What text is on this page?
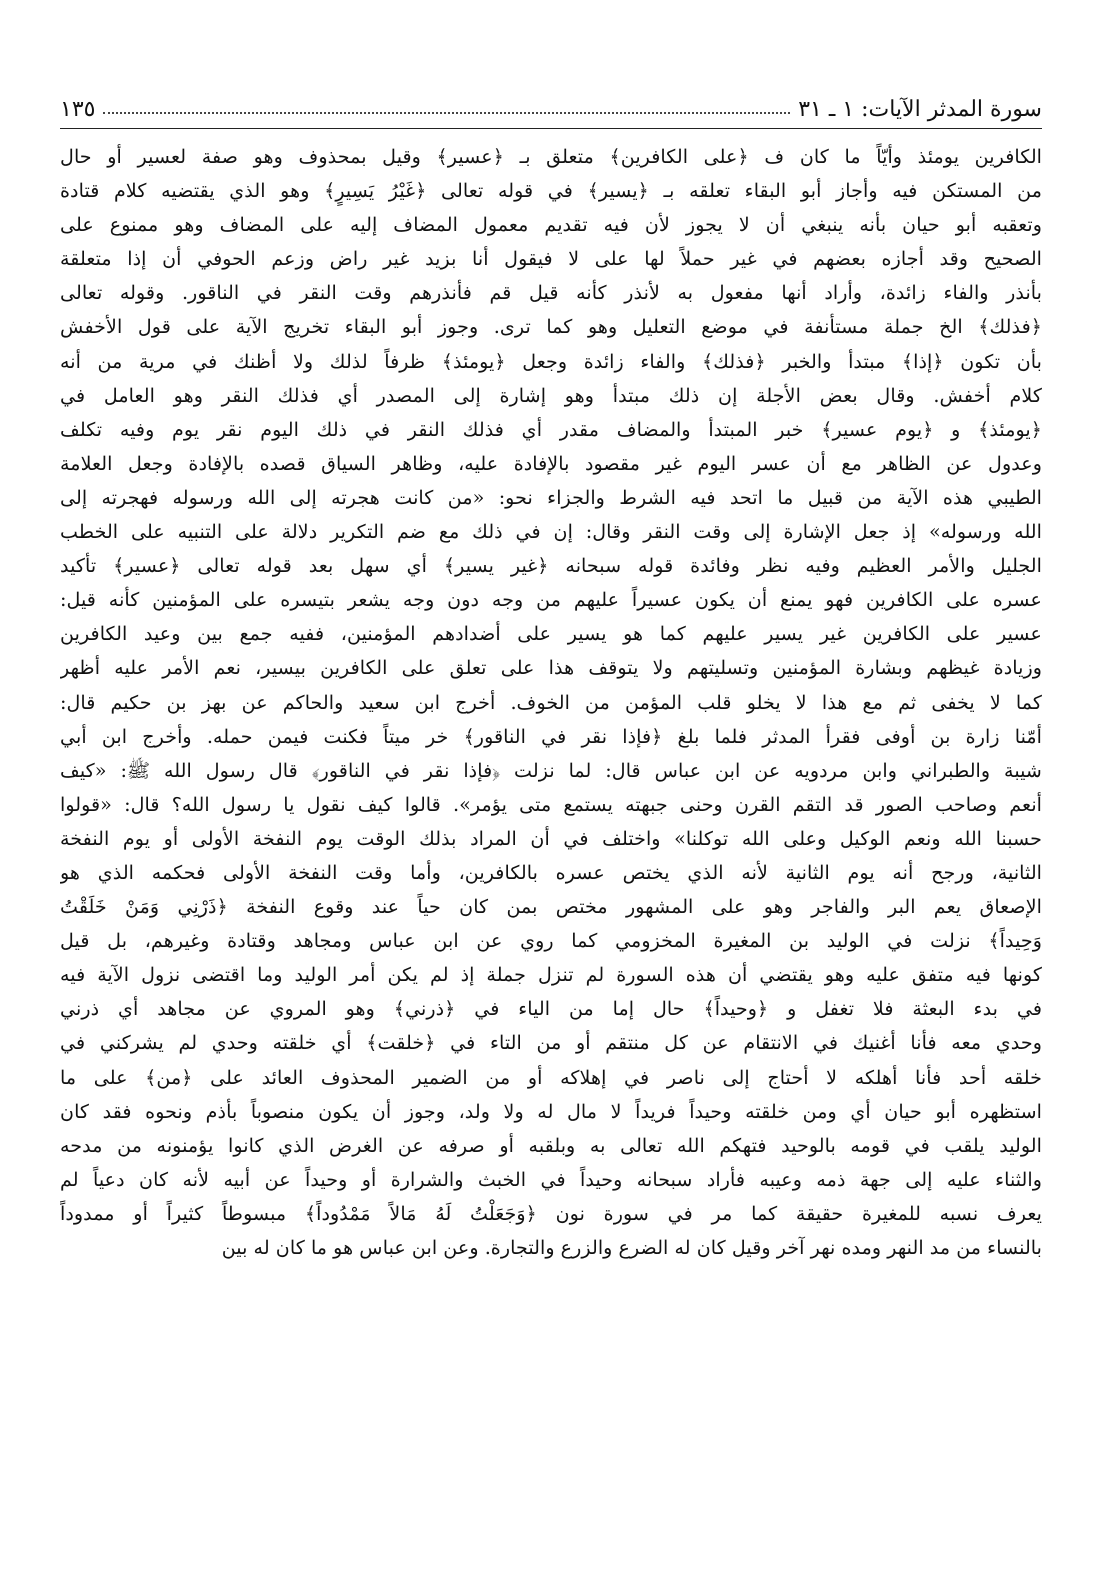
سورة المدثر الآيات: ١ ـ ٣١
١٣٥
الكافرين يومئذ وأيّاً ما كان ف ﴿على الكافرين﴾ متعلق بـ ﴿عسير﴾ وقيل بمحذوف وهو صفة لعسير أو حال
من المستكن فيه وأجاز أبو البقاء تعلقه بـ ﴿يسير﴾ في قوله تعالى ﴿غَيْرُ يَسِيرٍ﴾ وهو الذي يقتضيه كلام قتادة
وتعقبه أبو حيان بأنه ينبغي أن لا يجوز لأن فيه تقديم معمول المضاف إليه على المضاف وهو ممنوع على
الصحيح وقد أجازه بعضهم في غير حملاً لها على لا فيقول أنا بزيد غير راض وزعم الحوفي أن إذا متعلقة
بأنذر والفاء زائدة، وأراد أنها مفعول به لأنذر كأنه قيل قم فأنذرهم وقت النقر في الناقور. وقوله تعالى
﴿فذلك﴾ الخ جملة مستأنفة في موضع التعليل وهو كما ترى. وجوز أبو البقاء تخريج الآية على قول الأخفش
بأن تكون ﴿إذا﴾ مبتدأ والخبر ﴿فذلك﴾ والفاء زائدة وجعل ﴿يومئذ﴾ ظرفاً لذلك ولا أظنك في مرية من أنه
كلام أخفش. وقال بعض الأجلة إن ذلك مبتدأ وهو إشارة إلى المصدر أي فذلك النقر وهو العامل في
﴿يومئذ﴾ و ﴿يوم عسير﴾ خبر المبتدأ والمضاف مقدر أي فذلك النقر في ذلك اليوم نقر يوم وفيه تكلف
وعدول عن الظاهر مع أن عسر اليوم غير مقصود بالإفادة عليه، وظاهر السياق قصده بالإفادة وجعل العلامة
الطيبي هذه الآية من قبيل ما اتحد فيه الشرط والجزاء نحو: «من كانت هجرته إلى الله ورسوله فهجرته إلى
الله ورسوله» إذ جعل الإشارة إلى وقت النقر وقال: إن في ذلك مع ضم التكرير دلالة على التنبيه على الخطب
الجليل والأمر العظيم وفيه نظر وفائدة قوله سبحانه ﴿غير يسير﴾ أي سهل بعد قوله تعالى ﴿عسير﴾ تأكيد
عسره على الكافرين فهو يمنع أن يكون عسيراً عليهم من وجه دون وجه يشعر بتيسره على المؤمنين كأنه قيل:
عسير على الكافرين غير يسير عليهم كما هو يسير على أضدادهم المؤمنين، ففيه جمع بين وعيد الكافرين
وزيادة غيظهم وبشارة المؤمنين وتسليتهم ولا يتوقف هذا على تعلق على الكافرين بيسير، نعم الأمر عليه أظهر
كما لا يخفى ثم مع هذا لا يخلو قلب المؤمن من الخوف. أخرج ابن سعيد والحاكم عن بهز بن حكيم قال:
أمّنا زارة بن أوفى فقرأ المدثر فلما بلغ ﴿فإذا نقر في الناقور﴾ خر ميتاً فكنت فيمن حمله. وأخرج ابن أبي
شيبة والطبراني وابن مردويه عن ابن عباس قال: لما نزلت ﴿فإذا نقر في الناقور﴾ قال رسول الله ﷺ: «كيف
أنعم وصاحب الصور قد التقم القرن وحنى جبهته يستمع متى يؤمر». قالوا كيف نقول يا رسول الله؟ قال: «قولوا
حسبنا الله ونعم الوكيل وعلى الله توكلنا» واختلف في أن المراد بذلك الوقت يوم النفخة الأولى أو يوم النفخة
الثانية، ورجح أنه يوم الثانية لأنه الذي يختص عسره بالكافرين، وأما وقت النفخة الأولى فحكمه الذي هو
الإصعاق يعم البر والفاجر وهو على المشهور مختص بمن كان حياً عند وقوع النفخة ﴿ذَرْنِي وَمَنْ خَلَقْتُ
وَحِيداً﴾ نزلت في الوليد بن المغيرة المخزومي كما روي عن ابن عباس ومجاهد وقتادة وغيرهم، بل قيل
كونها فيه متفق عليه وهو يقتضي أن هذه السورة لم تنزل جملة إذ لم يكن أمر الوليد وما اقتضى نزول الآية فيه
في بدء البعثة فلا تغفل و ﴿وحيداً﴾ حال إما من الياء في ﴿ذرني﴾ وهو المروي عن مجاهد أي ذرني
وحدي معه فأنا أغنيك في الانتقام عن كل منتقم أو من التاء في ﴿خلقت﴾ أي خلقته وحدي لم يشركني في
خلقه أحد فأنا أهلكه لا أحتاج إلى ناصر في إهلاكه أو من الضمير المحذوف العائد على ﴿من﴾ على ما
استظهره أبو حيان أي ومن خلقته وحيداً فريداً لا مال له ولا ولد، وجوز أن يكون منصوباً بأذم ونحوه فقد كان
الوليد يلقب في قومه بالوحيد فتهكم الله تعالى به وبلقبه أو صرفه عن الغرض الذي كانوا يؤمنونه من مدحه
والثناء عليه إلى جهة ذمه وعيبه فأراد سبحانه وحيداً في الخبث والشرارة أو وحيداً عن أبيه لأنه كان دعياً لم
يعرف نسبه للمغيرة حقيقة كما مر في سورة نون ﴿وَجَعَلْتُ لَهُ مَالاً مَمْدُوداً﴾ مبسوطاً كثيراً أو ممدوداً
بالنساء من مد النهر ومده نهر آخر وقيل كان له الضرع والزرع والتجارة. وعن ابن عباس هو ما كان له بين
